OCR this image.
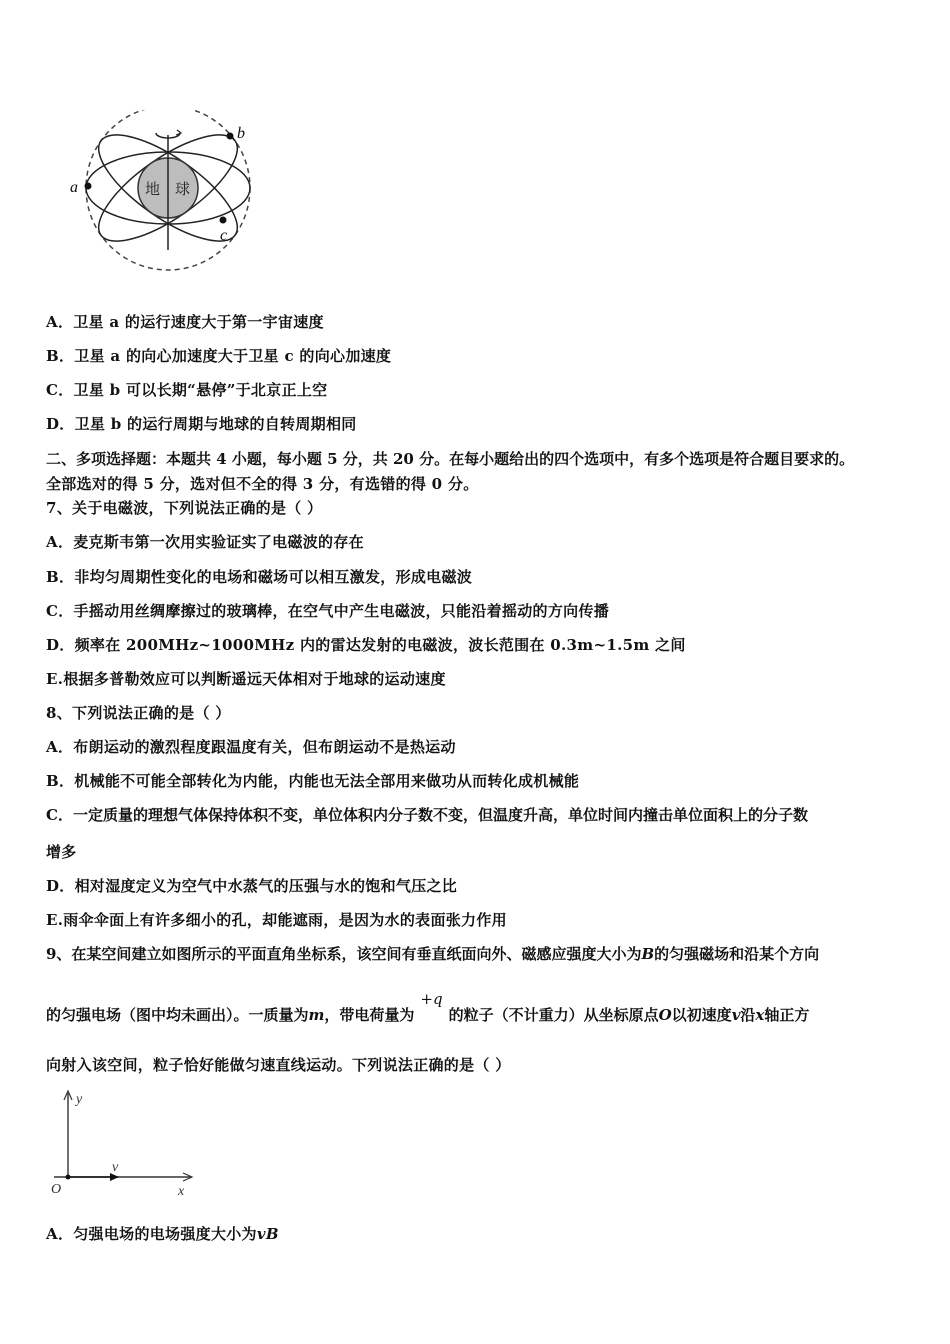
地 球
a
b
c
A．卫星 a 的运行速度大于第一宇宙速度
B．卫星 a 的向心加速度大于卫星 c 的向心加速度
C．卫星 b 可以长期“悬停”于北京正上空
D．卫星 b 的运行周期与地球的自转周期相同
二、多项选择题：本题共 4 小题，每小题 5 分，共 20 分。在每小题给出的四个选项中，有多个选项是符合题目要求的。
全部选对的得 5 分，选对但不全的得 3 分，有选错的得 0 分。
7、关于电磁波，下列说法正确的是（ ）
A．麦克斯韦第一次用实验证实了电磁波的存在
B．非均匀周期性变化的电场和磁场可以相互激发，形成电磁波
C．手摇动用丝绸摩擦过的玻璃棒，在空气中产生电磁波，只能沿着摇动的方向传播
D．频率在 200MHz~1000MHz 内的雷达发射的电磁波，波长范围在 0.3m~1.5m 之间
E.根据多普勒效应可以判断遥远天体相对于地球的运动速度
8、下列说法正确的是（ ）
A．布朗运动的激烈程度跟温度有关，但布朗运动不是热运动
B．机械能不可能全部转化为内能，内能也无法全部用来做功从而转化成机械能
C．一定质量的理想气体保持体积不变，单位体积内分子数不变，但温度升高，单位时间内撞击单位面积上的分子数
增多
D．相对湿度定义为空气中水蒸气的压强与水的饱和气压之比
E.雨伞伞面上有许多细小的孔，却能遮雨，是因为水的表面张力作用
9、在某空间建立如图所示的平面直角坐标系，该空间有垂直纸面向外、磁感应强度大小为B的匀强磁场和沿某个方向
的匀强电场（图中均未画出）。一质量为m，带电荷量为+q的粒子（不计重力）从坐标原点O以初速度v沿x轴正方
向射入该空间，粒子恰好能做匀速直线运动。下列说法正确的是（ ）
y
x
O
v
A．匀强电场的电场强度大小为vB
